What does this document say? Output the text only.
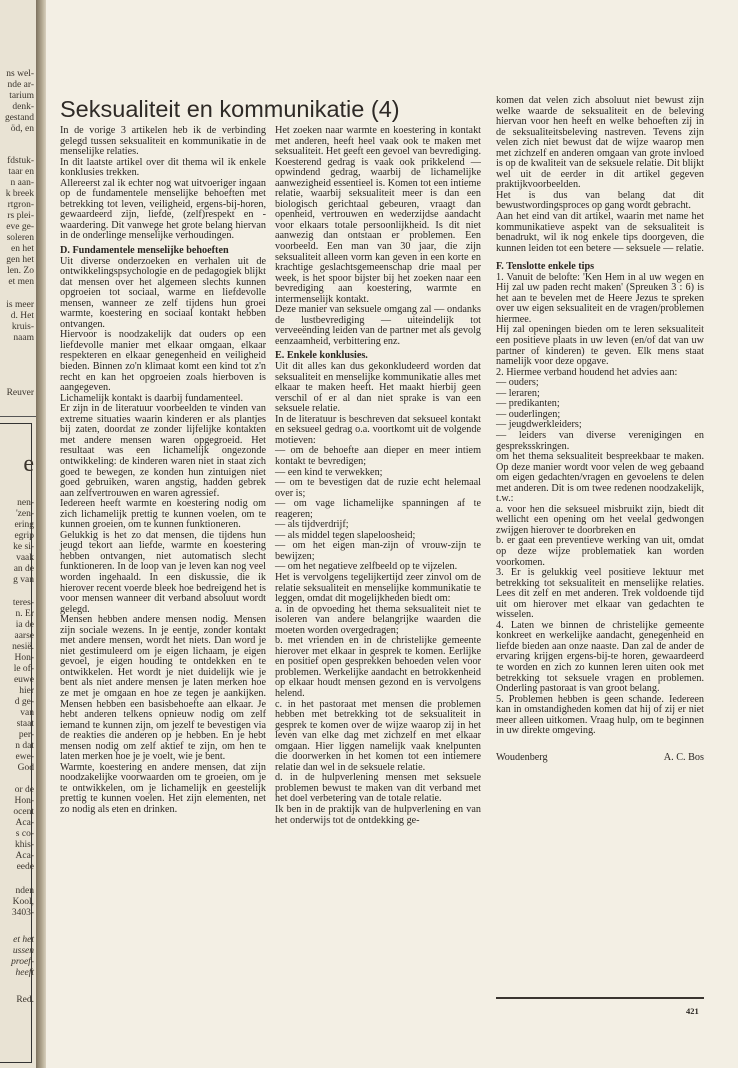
ns wel-
nde ar-
tarium
denk-
gestand
öd, en
fdstuk-
taar en
n aan-
k breek
rtgron-
rs plei-
eve ge-
soleren
en het
gen het
len. Zo
et men
is meer
d. Het
kruis-
naam
Reuver
e
nen-
'zen-
ering
egrip
ke si-
vaak
an de
g van
teres-
n. Er
ia de
aarse
nesië.
Hon-
le of-
euwe
hier
d ge-
van
staat
per-
n dat
ewe-
God
or de
Hon-
ocent
Aca-
s co-
khis-
Aca-
eede
nden
Kool,
3403-
et het
ussen
proef-
heeft
Red.
Seksualiteit en kommunikatie (4)

In de vorige 3 artikelen heb ik de verbinding gelegd tussen seksualiteit en kommunikatie in de menselijke relaties.

In dit laatste artikel over dit thema wil ik enkele konklusies trekken.

Allereerst zal ik echter nog wat uitvoeriger ingaan op de fundamentele menselijke behoeften met betrekking tot leven, veiligheid, ergens-bij-horen, gewaardeerd zijn, liefde, (zelf)respekt en -waardering. Dit vanwege het grote belang hiervan in de onderlinge menselijke verhoudingen.

D. Fundamentele menselijke behoeften

Uit diverse onderzoeken en verhalen uit de ontwikkelingspsychologie en de pedagogiek blijkt dat mensen over het algemeen slechts kunnen opgroeien tot sociaal, warme en liefdevolle mensen, wanneer ze zelf tijdens hun groei warmte, koestering en sociaal kontakt hebben ontvangen.

Hiervoor is noodzakelijk dat ouders op een liefdevolle manier met elkaar omgaan, elkaar respekteren en elkaar genegenheid en veiligheid bieden. Binnen zo'n klimaat komt een kind tot z'n recht en kan het opgroeien zoals hierboven is aangegeven.

Lichamelijk kontakt is daarbij fundamenteel.

Er zijn in de literatuur voorbeelden te vinden van extreme situaties waarin kinderen er als plantjes bij zaten, doordat ze zonder lijfelijke kontakten met andere mensen waren opgegroeid. Het resultaat was een lichamelijk ongezonde ontwikkeling: de kinderen waren niet in staat zich goed te bewegen, ze konden hun zintuigen niet goed gebruiken, waren angstig, hadden gebrek aan zelfvertrouwen en waren agressief.

Iedereen heeft warmte en koestering nodig om zich lichamelijk prettig te kunnen voelen, om te kunnen groeien, om te kunnen funktioneren.

Gelukkig is het zo dat mensen, die tijdens hun jeugd tekort aan liefde, warmte en koestering hebben ontvangen, niet automatisch slecht funktioneren. In de loop van je leven kan nog veel worden ingehaald. In een diskussie, die ik hierover recent voerde bleek hoe bedreigend het is voor mensen wanneer dit verband absoluut wordt gelegd.

Mensen hebben andere mensen nodig. Mensen zijn sociale wezens. In je eentje, zonder kontakt met andere mensen, wordt het niets. Dan word je niet gestimuleerd om je eigen lichaam, je eigen gevoel, je eigen houding te ontdekken en te ontwikkelen. Het wordt je niet duidelijk wie je bent als niet andere mensen je laten merken hoe ze met je omgaan en hoe ze tegen je aankijken. Mensen hebben een basisbehoefte aan elkaar. Je hebt anderen telkens opnieuw nodig om zelf iemand te kunnen zijn, om jezelf te bevestigen via de reakties die anderen op je hebben. En je hebt mensen nodig om zelf aktief te zijn, om hen te laten merken hoe je je voelt, wie je bent.

Warmte, koestering en andere mensen, dat zijn noodzakelijke voorwaarden om te groeien, om je te ontwikkelen, om je lichamelijk en geestelijk prettig te kunnen voelen. Het zijn elementen, net zo nodig als eten en drinken.

Het zoeken naar warmte en koestering in kontakt met anderen, heeft heel vaak ook te maken met seksualiteit. Het geeft een gevoel van bevrediging. Koesterend gedrag is vaak ook prikkelend — opwindend gedrag, waarbij de lichamelijke aanwezigheid essentieel is. Komen tot een intieme relatie, waarbij seksualiteit meer is dan een biologisch gerichtaal gebeuren, vraagt dan openheid, vertrouwen en wederzijdse aandacht voor elkaars totale persoonlijkheid. Is dit niet aanwezig dan ontstaan er problemen. Een voorbeeld. Een man van 30 jaar, die zijn seksualiteit alleen vorm kan geven in een korte en krachtige geslachtsgemeenschap drie maal per week, is het spoor bijster bij het zoeken naar een bevrediging aan koestering, warmte en intermenselijk kontakt.

Deze manier van seksuele omgang zal — ondanks de lustbevrediging — uiteindelijk tot verveeënding leiden van de partner met als gevolg eenzaamheid, verbittering enz.

E. Enkele konklusies.

Uit dit alles kan dus gekonkludeerd worden dat seksualiteit en menselijke kommunikatie alles met elkaar te maken heeft. Het maakt hierbij geen verschil of er al dan niet sprake is van een seksuele relatie.

In de literatuur is beschreven dat seksueel kontakt en seksueel gedrag o.a. voortkomt uit de volgende motieven:

— om de behoefte aan dieper en meer intiem kontakt te bevredigen;

— een kind te verwekken;

— om te bevestigen dat de ruzie echt helemaal over is;

— om vage lichamelijke spanningen af te reageren;

— als tijdverdrijf;

— als middel tegen slapeloosheid;

— om het eigen man-zijn of vrouw-zijn te bewijzen;

— om het negatieve zelfbeeld op te vijzelen.

Het is vervolgens tegelijkertijd zeer zinvol om de relatie seksualiteit en menselijke kommunikatie te leggen, omdat dit mogelijkheden biedt om:

a. in de opvoeding het thema seksualiteit niet te isoleren van andere belangrijke waarden die moeten worden overgedragen;

b. met vrienden en in de christelijke gemeente hierover met elkaar in gesprek te komen. Eerlijke en positief open gesprekken behoeden velen voor problemen. Werkelijke aandacht en betrokkenheid op elkaar houdt mensen gezond en is vervolgens helend.

c. in het pastoraat met mensen die problemen hebben met betrekking tot de seksualiteit in gesprek te komen over de wijze waarop zij in het leven van elke dag met zichzelf en met elkaar omgaan. Hier liggen namelijk vaak knelpunten die doorwerken in het komen tot een intiemere relatie dan wel in de seksuele relatie.

d. in de hulpverlening mensen met seksuele problemen bewust te maken van dit verband met het doel verbetering van de totale relatie.

Ik ben in de praktijk van de hulpverlening en van het onderwijs tot de ontdekking ge-

komen dat velen zich absoluut niet bewust zijn welke waarde de seksualiteit en de beleving hiervan voor hen heeft en welke behoeften zij in de seksualiteitsbeleving nastreven. Tevens zijn velen zich niet bewust dat de wijze waarop men met zichzelf en anderen omgaan van grote invloed is op de kwaliteit van de seksuele relatie. Dit blijkt wel uit de eerder in dit artikel gegeven praktijkvoorbeelden.

Het is dus van belang dat dit bewustwordingsproces op gang wordt gebracht.

Aan het eind van dit artikel, waarin met name het kommunikatieve aspekt van de seksualiteit is benadrukt, wil ik nog enkele tips doorgeven, die kunnen leiden tot een betere — seksuele — relatie.

F. Tenslotte enkele tips

1. Vanuit de belofte: 'Ken Hem in al uw wegen en Hij zal uw paden recht maken' (Spreuken 3 : 6) is het aan te bevelen met de Heere Jezus te spreken over uw eigen seksualiteit en de vragen/problemen hiermee.

Hij zal openingen bieden om te leren seksualiteit een positieve plaats in uw leven (en/of dat van uw partner of kinderen) te geven. Elk mens staat namelijk voor deze opgave.

2. Hiermee verband houdend het advies aan:

— ouders;

— leraren;

— predikanten;

— ouderlingen;

— jeugdwerkleiders;

— leiders van diverse verenigingen en gespreksskringen.

om het thema seksualiteit bespreekbaar te maken. Op deze manier wordt voor velen de weg gebaand om eigen gedachten/vragen en gevoelens te delen met anderen. Dit is om twee redenen noodzakelijk, t.w.:

a. voor hen die seksueel misbruikt zijn, biedt dit wellicht een opening om het veelal gedwongen zwijgen hierover te doorbreken en

b. er gaat een preventieve werking van uit, omdat op deze wijze problematiek kan worden voorkomen.

3. Er is gelukkig veel positieve lektuur met betrekking tot seksualiteit en menselijke relaties. Lees dit zelf en met anderen. Trek voldoende tijd uit om hierover met elkaar van gedachten te wisselen.

4. Laten we binnen de christelijke gemeente konkreet en werkelijke aandacht, genegenheid en liefde bieden aan onze naaste. Dan zal de ander de ervaring krijgen ergens-bij-te horen, gewaardeerd te worden en zich zo kunnen leren uiten ook met betrekking tot seksuele vragen en problemen. Onderling pastoraat is van groot belang.

5. Problemen hebben is geen schande. Iedereen kan in omstandigheden komen dat hij of zij er niet meer alleen uitkomen. Vraag hulp, om te beginnen in uw direkte omgeving.

Woudenberg	A. C. Bos
421
